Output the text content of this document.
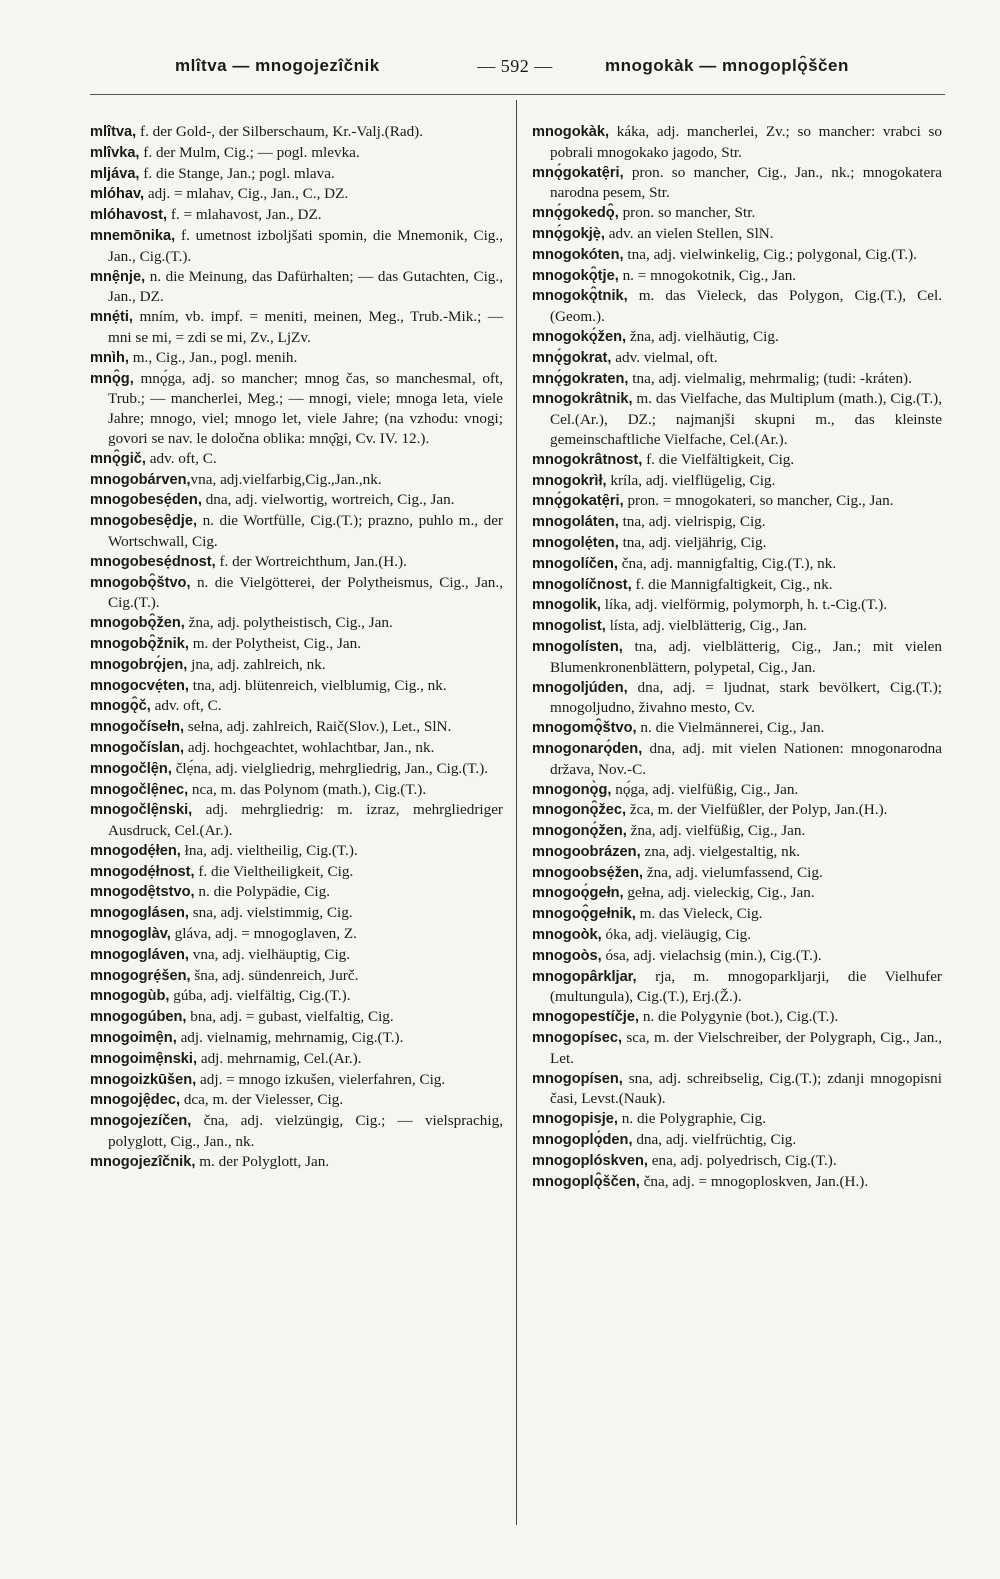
mlîtva — mnogojezîčnik	— 592 —	mnogokàk — mnogoplǫ̑ščen

mlîtva, f. der Gold-, der Silberschaum, Kr.-Valj.(Rad).

mlîvka, f. der Mulm, Cig.; — pogl. mlevka.

mljáva, f. die Stange, Jan.; pogl. mlava.

mlóhav, adj. = mlahav, Cig., Jan., C., DZ.

mlóhavost, f. = mlahavost, Jan., DZ.

mnemōnika, f. umetnost izboljšati spomin, die Mnemonik, Cig., Jan., Cig.(T.).

mnẹ̑nje, n. die Meinung, das Dafürhalten; — das Gutachten, Cig., Jan., DZ.

mnẹ́ti, mním, vb. impf. = meniti, meinen, Meg., Trub.-Mik.; — mni se mi, = zdi se mi, Zv., LjZv.

mnìh, m., Cig., Jan., pogl. menih.

mnǫ̑g, mnǫ́ga, adj. so mancher; mnog čas, so manchesmal, oft, Trub.; — mancherlei, Meg.; — mnogi, viele; mnoga leta, viele Jahre; mnogo, viel; mnogo let, viele Jahre; (na vzhodu: vnogi; govori se nav. le določna oblika: mnǫ̑gi, Cv. IV. 12.).

mnǫ̑gič, adv. oft, C.

mnogobárven,vna, adj.vielfarbig,Cig.,Jan.,nk.

mnogobesẹ́den, dna, adj. vielwortig, wortreich, Cig., Jan.

mnogobesẹ̑dje, n. die Wortfülle, Cig.(T.); prazno, puhlo m., der Wortschwall, Cig.

mnogobesẹ́dnost, f. der Wortreichthum, Jan.(H.).

mnogobǫ̑štvo, n. die Vielgötterei, der Polytheismus, Cig., Jan., Cig.(T.).

mnogobǫ̑žen, žna, adj. polytheistisch, Cig., Jan.

mnogobǫ̑žnik, m. der Polytheist, Cig., Jan.

mnogobrǫ́jen, jna, adj. zahlreich, nk.

mnogocvẹ́ten, tna, adj. blütenreich, vielblumig, Cig., nk.

mnogǫ̑č, adv. oft, C.

mnogočísełn, sełna, adj. zahlreich, Raič(Slov.), Let., SlN.

mnogočíslan, adj. hochgeachtet, wohlachtbar, Jan., nk.

mnogočlẹ̑n, člẹ́na, adj. vielgliedrig, mehrgliedrig, Jan., Cig.(T.).

mnogočlẹ̑nec, nca, m. das Polynom (math.), Cig.(T.).

mnogočlẹ̑nski, adj. mehrgliedrig: m. izraz, mehrgliedriger Ausdruck, Cel.(Ar.).

mnogodẹ́łen, łna, adj. vieltheilig, Cig.(T.).

mnogodẹ́łnost, f. die Vieltheiligkeit, Cig.

mnogodẹ̑tstvo, n. die Polypädie, Cig.

mnogoglásen, sna, adj. vielstimmig, Cig.

mnogoglàv, gláva, adj. = mnogoglaven, Z.

mnogogláven, vna, adj. vielhäuptig, Cig.

mnogogrẹ́šen, šna, adj. sündenreich, Jurč.

mnogogùb, gúba, adj. vielfältig, Cig.(T.).

mnogogúben, bna, adj. = gubast, vielfaltig, Cig.

mnogoimẹ̑n, adj. vielnamig, mehrnamig, Cig.(T.).

mnogoimẹ̑nski, adj. mehrnamig, Cel.(Ar.).

mnogoizkūšen, adj. = mnogo izkušen, vielerfahren, Cig.

mnogojẹ̑dec, dca, m. der Vielesser, Cig.

mnogojezíčen, čna, adj. vielzüngig, Cig.; — vielsprachig, polyglott, Cig., Jan., nk.

mnogojezîčnik, m. der Polyglott, Jan.

mnogokàk, káka, adj. mancherlei, Zv.; so mancher: vrabci so pobrali mnogokako jagodo, Str.

mnǫ́gokatẹ̑ri, pron. so mancher, Cig., Jan., nk.; mnogokatera narodna pesem, Str.

mnǫ́gokedǫ̑, pron. so mancher, Str.

mnǫ́gokjẹ̀, adv. an vielen Stellen, SlN.

mnogokóten, tna, adj. vielwinkelig, Cig.; polygonal, Cig.(T.).

mnogokǫ̑tje, n. = mnogokotnik, Cig., Jan.

mnogokǫ̑tnik, m. das Vieleck, das Polygon, Cig.(T.), Cel.(Geom.).

mnogokǫ́žen, žna, adj. vielhäutig, Cig.

mnǫ́gokrat, adv. vielmal, oft.

mnǫ́gokraten, tna, adj. vielmalig, mehrmalig; (tudi: -kráten).

mnogokrâtnik, m. das Vielfache, das Multiplum (math.), Cig.(T.), Cel.(Ar.), DZ.; najmanjši skupni m., das kleinste gemeinschaftliche Vielfache, Cel.(Ar.).

mnogokrâtnost, f. die Vielfältigkeit, Cig.

mnogokrìł, kríla, adj. vielflügelig, Cig.

mnǫ́gokatẹ̑ri, pron. = mnogokateri, so mancher, Cig., Jan.

mnogoláten, tna, adj. vielrispig, Cig.

mnogolẹ́ten, tna, adj. vieljährig, Cig.

mnogolíčen, čna, adj. mannigfaltig, Cig.(T.), nk.

mnogolíčnost, f. die Mannigfaltigkeit, Cig., nk.

mnogolik, líka, adj. vielförmig, polymorph, h. t.-Cig.(T.).

mnogolist, lísta, adj. vielblätterig, Cig., Jan.

mnogolísten, tna, adj. vielblätterig, Cig., Jan.; mit vielen Blumenkronenblättern, polypetal, Cig., Jan.

mnogoljúden, dna, adj. = ljudnat, stark bevölkert, Cig.(T.); mnogoljudno, živahno mesto, Cv.

mnogomǫ̑štvo, n. die Vielmännerei, Cig., Jan.

mnogonarǫ́den, dna, adj. mit vielen Nationen: mnogonarodna država, Nov.-C.

mnogonǫ̀g, nǫ́ga, adj. vielfüßig, Cig., Jan.

mnogonǫ̑žec, žca, m. der Vielfüßler, der Polyp, Jan.(H.).

mnogonǫ́žen, žna, adj. vielfüßig, Cig., Jan.

mnogoobrázen, zna, adj. vielgestaltig, nk.

mnogoobsẹ́žen, žna, adj. vielumfassend, Cig.

mnogoǫ́gełn, gełna, adj. vieleckig, Cig., Jan.

mnogoǫ̑gełnik, m. das Vieleck, Cig.

mnogoòk, óka, adj. vieläugig, Cig.

mnogoòs, ósa, adj. vielachsig (min.), Cig.(T.).

mnogopârkljar, rja, m. mnogoparkljarji, die Vielhufer (multungula), Cig.(T.), Erj.(Ž.).

mnogopestíčje, n. die Polygynie (bot.), Cig.(T.).

mnogopísec, sca, m. der Vielschreiber, der Polygraph, Cig., Jan., Let.

mnogopísen, sna, adj. schreibselig, Cig.(T.); zdanji mnogopisni časi, Levst.(Nauk).

mnogopisje, n. die Polygraphie, Cig.

mnogoplǫ́den, dna, adj. vielfrüchtig, Cig.

mnogoplóskven, ena, adj. polyedrisch, Cig.(T.).

mnogoplǫ̑ščen, čna, adj. = mnogoploskven, Jan.(H.).
